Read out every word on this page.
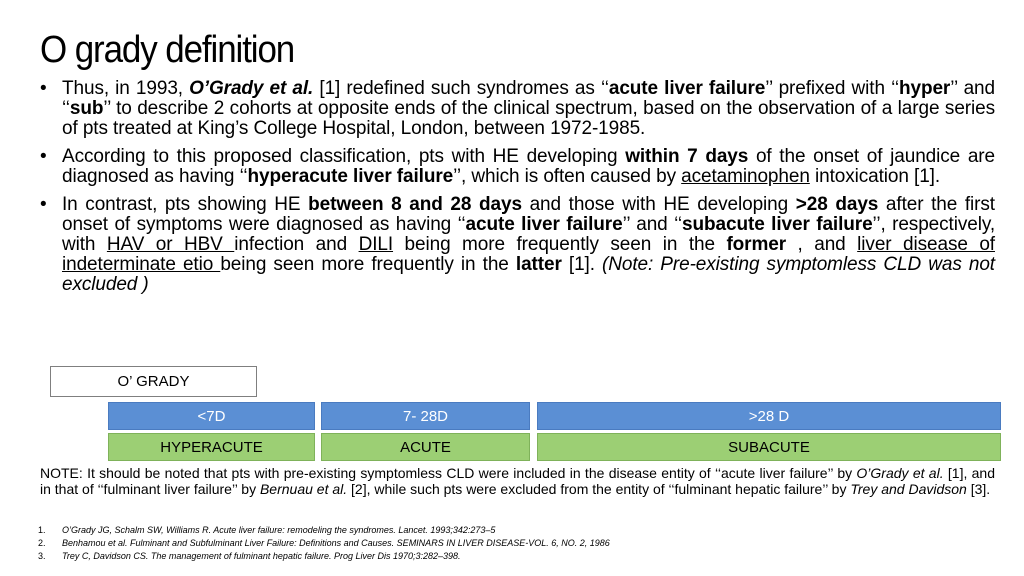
O grady definition
• Thus, in 1993, O’Grady et al. [1] redefined such syndromes as ‘‘acute liver failure’’ prefixed with ‘‘hyper’’ and ‘‘sub’’ to describe 2 cohorts at opposite ends of the clinical spectrum, based on the observation of a large series of pts treated at King’s College Hospital, London, between 1972-1985.
• According to this proposed classification, pts with HE developing within 7 days of the onset of jaundice are diagnosed as having ‘‘hyperacute liver failure’’, which is often caused by acetaminophen intoxication [1].
• In contrast, pts showing HE between 8 and 28 days and those with HE developing >28 days after the first onset of symptoms were diagnosed as having ‘‘acute liver failure’’ and ‘‘subacute liver failure’’, respectively, with HAV or HBV infection and DILI being more frequently seen in the former , and liver disease of indeterminate etio being seen more frequently in the latter [1]. (Note: Pre-existing symptomless CLD was not excluded )
O’ GRADY
<7D	7- 28D	>28 D
HYPERACUTE	ACUTE	SUBACUTE
NOTE: It should be noted that pts with pre-existing symptomless CLD were included in the disease entity of ‘‘acute liver failure’’ by O’Grady et al. [1], and in that of ‘‘fulminant liver failure’’ by Bernuau et al. [2], while such pts were excluded from the entity of ‘‘fulminant hepatic failure’’ by Trey and Davidson [3].
1. O’Grady JG, Schalm SW, Williams R. Acute liver failure: remodeling the syndromes. Lancet. 1993;342:273–5
2. Benhamou et al. Fulminant and Subfulminant Liver Failure: Definitions and Causes. SEMINARS IN LIVER DISEASE-VOL. 6, NO. 2, 1986
3. Trey C, Davidson CS. The management of fulminant hepatic failure. Prog Liver Dis 1970;3:282–398.
